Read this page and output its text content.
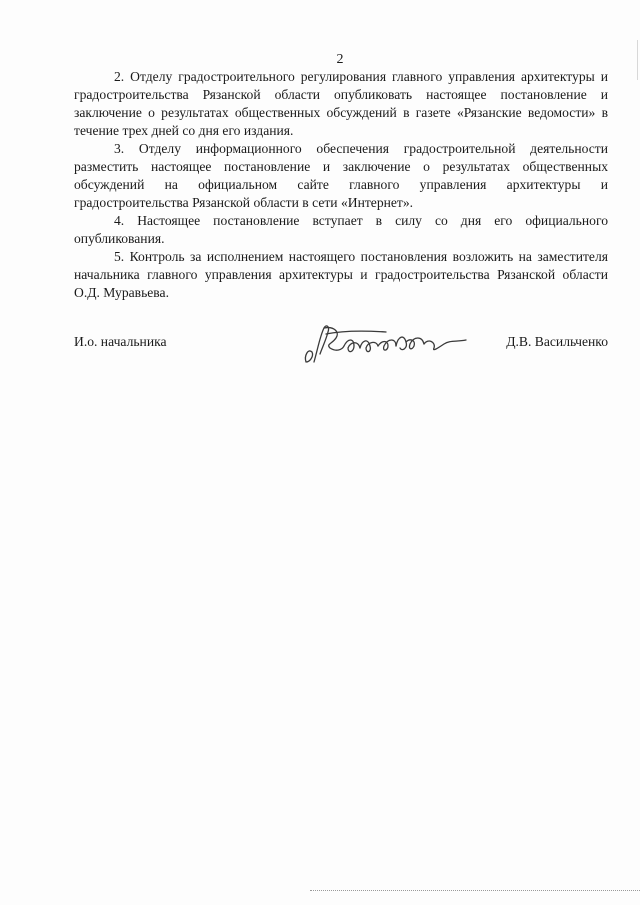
2

2. Отделу градостроительного регулирования главного управления архитектуры и градостроительства Рязанской области опубликовать настоящее постановление и заключение о результатах общественных обсуждений в газете «Рязанские ведомости» в течение трех дней со дня его издания.

3. Отделу информационного обеспечения градостроительной деятельности разместить настоящее постановление и заключение о результатах общественных обсуждений на официальном сайте главного управления архитектуры и градостроительства Рязанской области в сети «Интернет».

4. Настоящее постановление вступает в силу со дня его официального опубликования.

5. Контроль за исполнением настоящего постановления возложить на заместителя начальника главного управления архитектуры и градостроительства Рязанской области О.Д. Муравьева.

И.о. начальника	Д.В. Васильченко
